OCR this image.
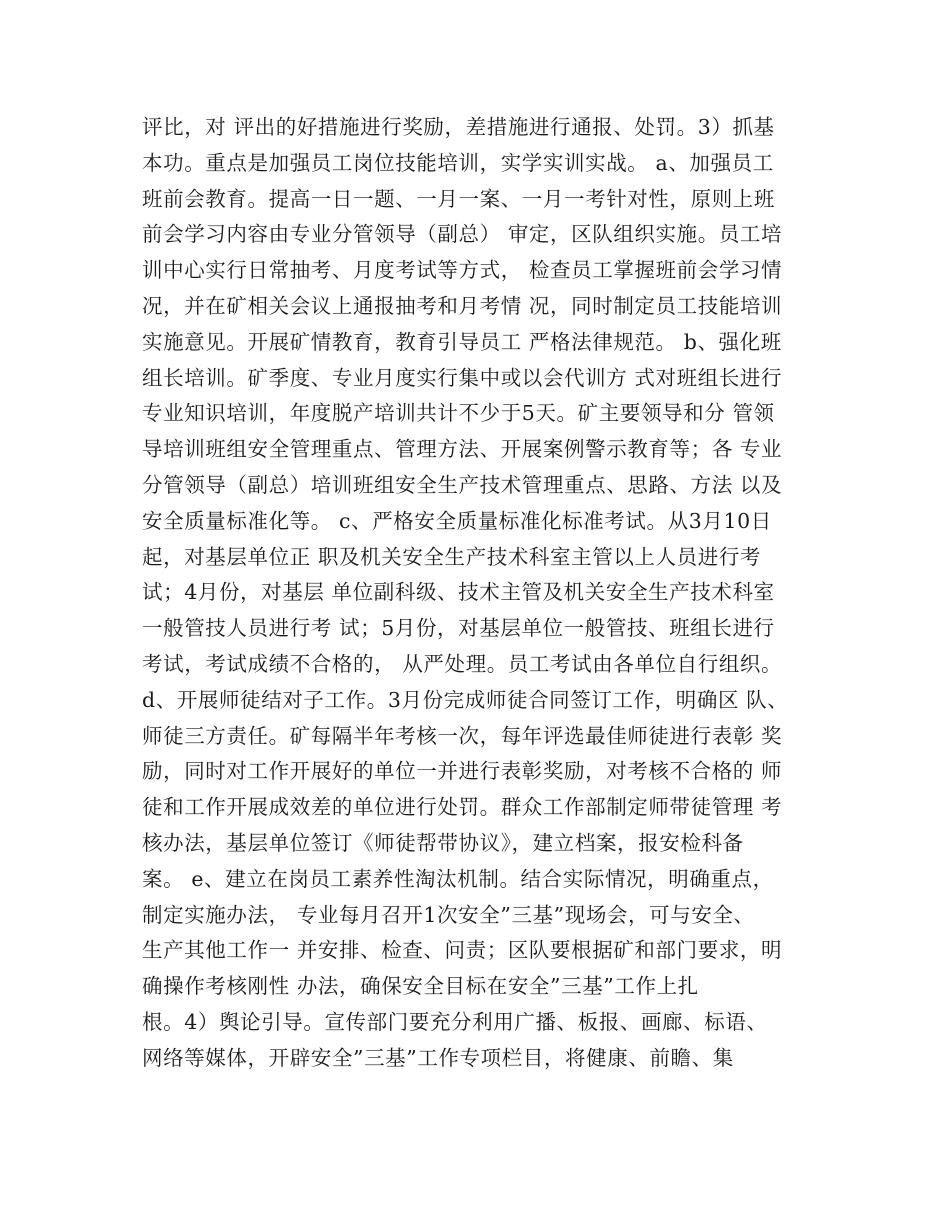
评比，对 评出的好措施进行奖励，差措施进行通报、处罚。3）抓基
本功。重点是加强员工岗位技能培训，实学实训实战。 a、加强员工
班前会教育。提高一日一题、一月一案、一月一考针对性，原则上班
前会学习内容由专业分管领导（副总） 审定，区队组织实施。员工培
训中心实行日常抽考、月度考试等方式， 检查员工掌握班前会学习情
况，并在矿相关会议上通报抽考和月考情 况，同时制定员工技能培训
实施意见。开展矿情教育，教育引导员工 严格法律规范。 b、强化班
组长培训。矿季度、专业月度实行集中或以会代训方 式对班组长进行
专业知识培训，年度脱产培训共计不少于5天。矿主要领导和分 管领
导培训班组安全管理重点、管理方法、开展案例警示教育等；各 专业
分管领导（副总）培训班组安全生产技术管理重点、思路、方法 以及
安全质量标准化等。 c、严格安全质量标准化标准考试。从3月10日
起，对基层单位正 职及机关安全生产技术科室主管以上人员进行考
试；4月份，对基层 单位副科级、技术主管及机关安全生产技术科室
一般管技人员进行考 试；5月份，对基层单位一般管技、班组长进行
考试，考试成绩不合格的， 从严处理。员工考试由各单位自行组织。
d、开展师徒结对子工作。3月份完成师徒合同签订工作，明确区 队、
师徒三方责任。矿每隔半年考核一次，每年评选最佳师徒进行表彰 奖
励，同时对工作开展好的单位一并进行表彰奖励，对考核不合格的 师
徒和工作开展成效差的单位进行处罚。群众工作部制定师带徒管理 考
核办法，基层单位签订《师徒帮带协议》，建立档案，报安检科备
案。 e、建立在岗员工素养性淘汰机制。结合实际情况，明确重点，
制定实施办法， 专业每月召开1次安全”三基”现场会，可与安全、
生产其他工作一 并安排、检查、问责；区队要根据矿和部门要求，明
确操作考核刚性 办法，确保安全目标在安全”三基”工作上扎
根。4）舆论引导。宣传部门要充分利用广播、板报、画廊、标语、
网络等媒体，开辟安全”三基”工作专项栏目，将健康、前瞻、集
